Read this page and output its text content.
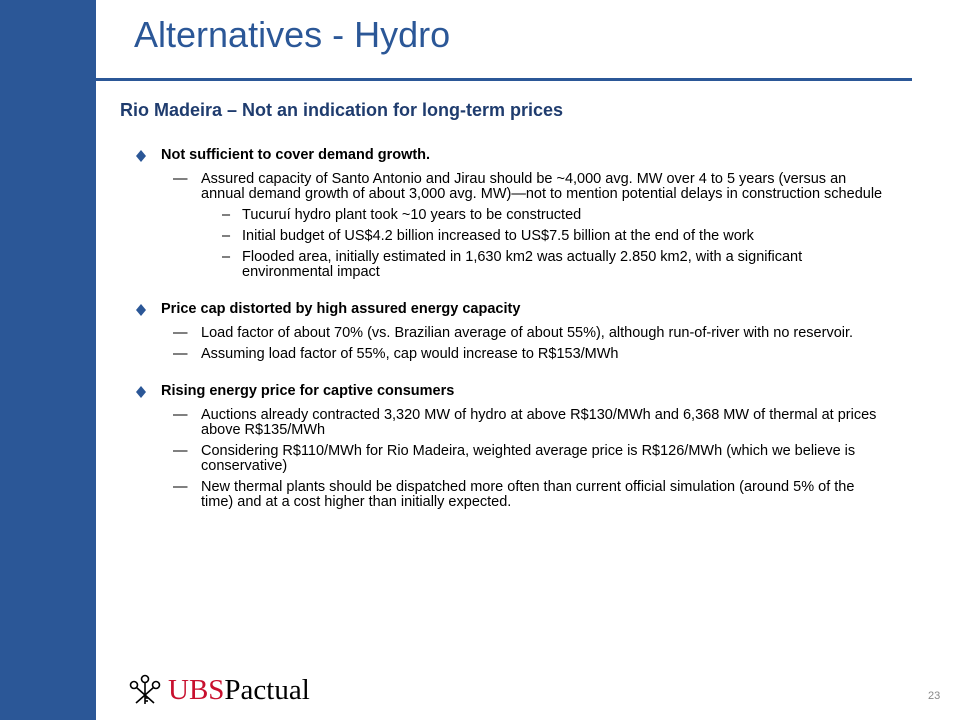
Alternatives - Hydro
Rio Madeira – Not an indication for long-term prices
Not sufficient to cover demand growth.
— Assured capacity of Santo Antonio and Jirau should be ~4,000 avg. MW over 4 to 5 years (versus an annual demand growth of about 3,000 avg. MW)—not to mention potential delays in construction schedule
– Tucuruí hydro plant took ~10 years to be constructed
– Initial budget of US$4.2 billion increased to US$7.5 billion at the end of the work
– Flooded area, initially estimated in 1,630 km2 was actually 2.850 km2, with a significant environmental impact
Price cap distorted by high assured energy capacity
— Load factor of about 70% (vs. Brazilian average of about 55%), although run-of-river with no reservoir.
— Assuming load factor of 55%, cap would increase to R$153/MWh
Rising energy price for captive consumers
— Auctions already contracted 3,320 MW of hydro at above R$130/MWh and 6,368 MW of thermal at prices above R$135/MWh
— Considering R$110/MWh for Rio Madeira, weighted average price is R$126/MWh (which we believe is conservative)
— New thermal plants should be dispatched more often than current official simulation (around 5% of the time) and at a cost higher than initially expected.
UBSPactual	23
